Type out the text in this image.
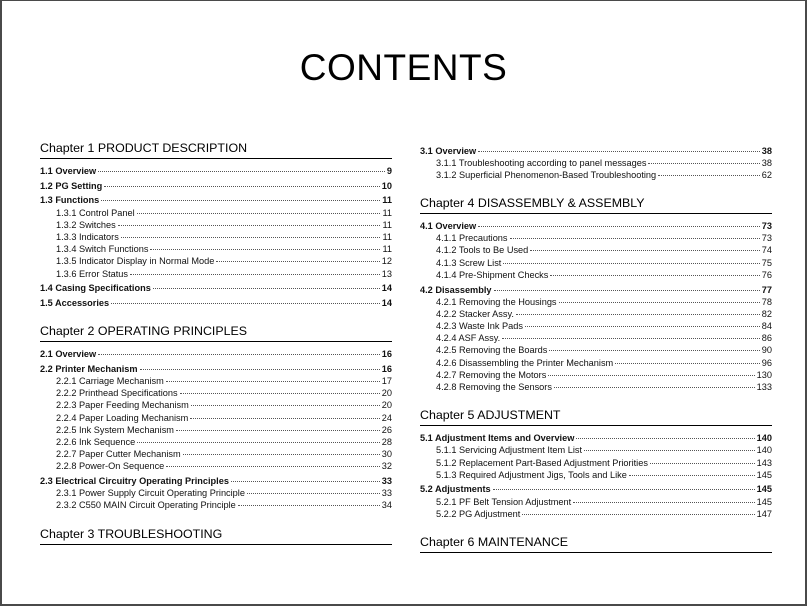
CONTENTS
Chapter 1 PRODUCT DESCRIPTION
1.1 Overview	9
1.2 PG Setting	10
1.3 Functions	11
1.3.1 Control Panel	11
1.3.2 Switches	11
1.3.3 Indicators	11
1.3.4 Switch Functions	11
1.3.5 Indicator Display in Normal Mode	12
1.3.6 Error Status	13
1.4 Casing Specifications	14
1.5 Accessories	14
Chapter 2 OPERATING PRINCIPLES
2.1 Overview	16
2.2 Printer Mechanism	16
2.2.1 Carriage Mechanism	17
2.2.2 Printhead Specifications	20
2.2.3 Paper Feeding Mechanism	20
2.2.4 Paper Loading Mechanism	24
2.2.5 Ink System Mechanism	26
2.2.6 Ink Sequence	28
2.2.7 Paper Cutter Mechanism	30
2.2.8 Power-On Sequence	32
2.3 Electrical Circuitry Operating Principles	33
2.3.1 Power Supply Circuit Operating Principle	33
2.3.2 C550 MAIN Circuit Operating Principle	34
Chapter 3 TROUBLESHOOTING
3.1 Overview	38
3.1.1 Troubleshooting according to panel messages	38
3.1.2 Superficial Phenomenon-Based Troubleshooting	62
Chapter 4 DISASSEMBLY & ASSEMBLY
4.1 Overview	73
4.1.1 Precautions	73
4.1.2 Tools to Be Used	74
4.1.3 Screw List	75
4.1.4 Pre-Shipment Checks	76
4.2 Disassembly	77
4.2.1 Removing the Housings	78
4.2.2 Stacker Assy.	82
4.2.3 Waste Ink Pads	84
4.2.4 ASF Assy.	86
4.2.5 Removing the Boards	90
4.2.6 Disassembling the Printer Mechanism	96
4.2.7 Removing the Motors	130
4.2.8 Removing the Sensors	133
Chapter 5 ADJUSTMENT
5.1 Adjustment Items and Overview	140
5.1.1 Servicing Adjustment Item List	140
5.1.2 Replacement Part-Based Adjustment Priorities	143
5.1.3 Required Adjustment Jigs, Tools and Like	145
5.2 Adjustments	145
5.2.1 PF Belt Tension Adjustment	145
5.2.2 PG Adjustment	147
Chapter 6 MAINTENANCE
